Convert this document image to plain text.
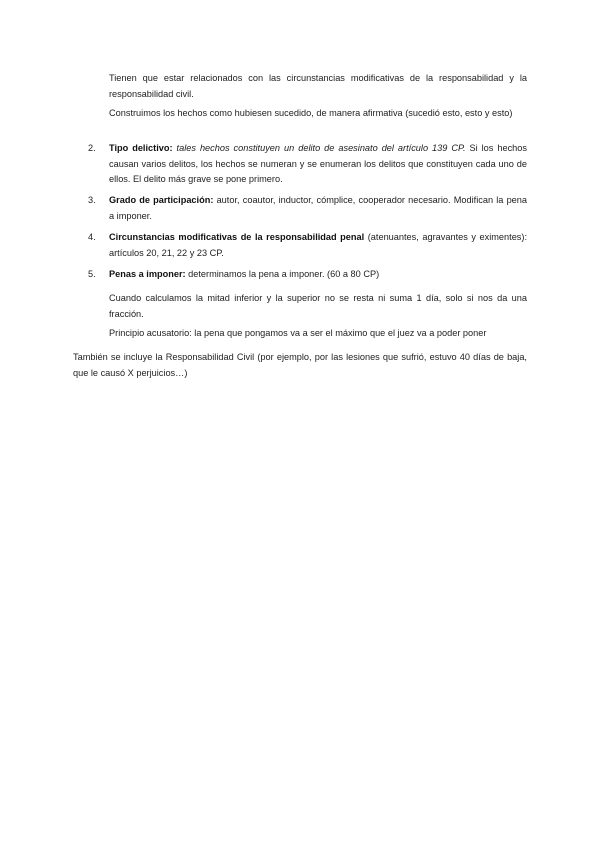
Tienen que estar relacionados con las circunstancias modificativas de la responsabilidad y la responsabilidad civil.

Construimos los hechos como hubiesen sucedido, de manera afirmativa (sucedió esto, esto y esto)

2. Tipo delictivo: tales hechos constituyen un delito de asesinato del artículo 139 CP. Si los hechos causan varios delitos, los hechos se numeran y se enumeran los delitos que constituyen cada uno de ellos. El delito más grave se pone primero.

3. Grado de participación: autor, coautor, inductor, cómplice, cooperador necesario. Modifican la pena a imponer.

4. Circunstancias modificativas de la responsabilidad penal (atenuantes, agravantes y eximentes): artículos 20, 21, 22 y 23 CP.

5. Penas a imponer: determinamos la pena a imponer. (60 a 80 CP)

Cuando calculamos la mitad inferior y la superior no se resta ni suma 1 día, solo si nos da una fracción.

Principio acusatorio: la pena que pongamos va a ser el máximo que el juez va a poder poner

También se incluye la Responsabilidad Civil (por ejemplo, por las lesiones que sufrió, estuvo 40 días de baja, que le causó X perjuicios…)
